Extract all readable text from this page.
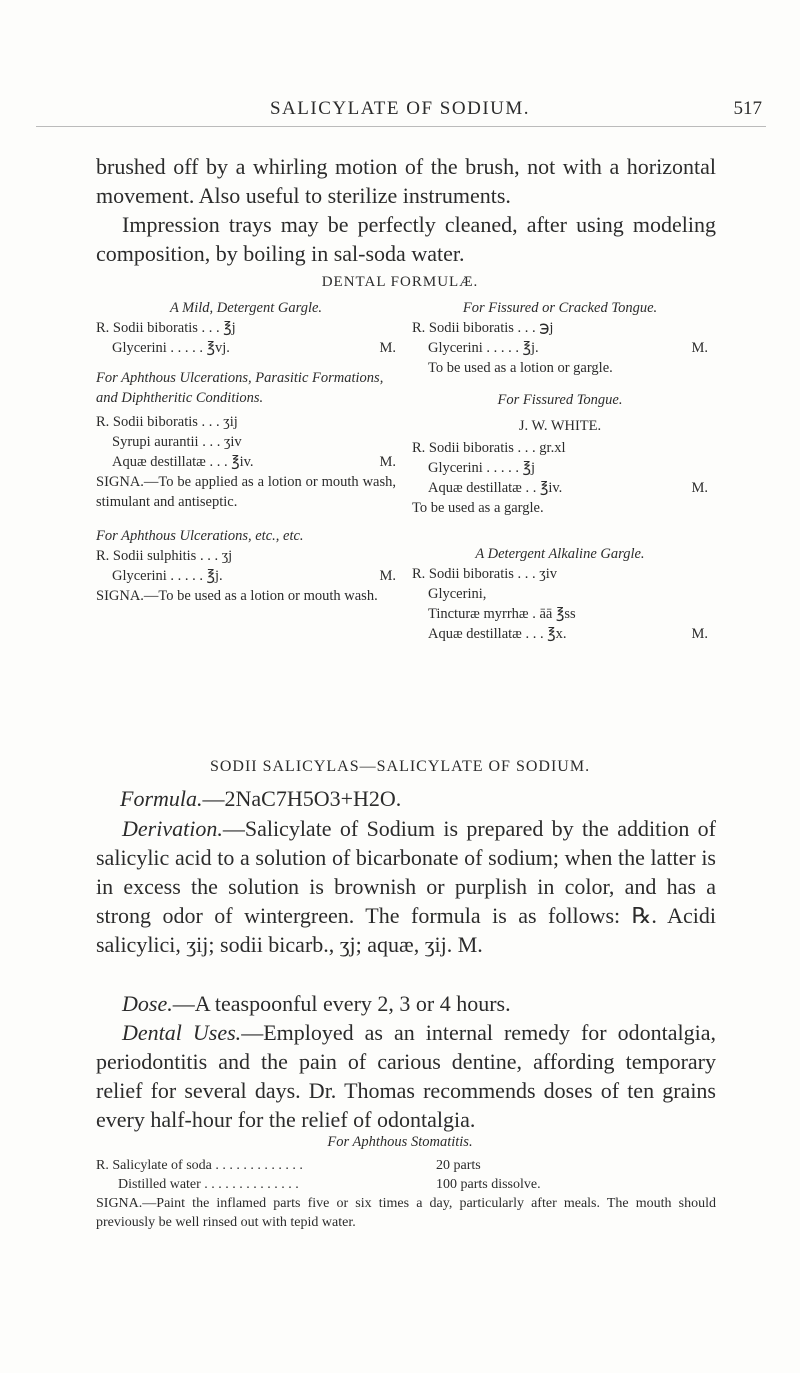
SALICYLATE OF SODIUM.	517
brushed off by a whirling motion of the brush, not with a horizontal movement. Also useful to sterilize instruments.
Impression trays may be perfectly cleaned, after using modeling composition, by boiling in sal-soda water.
DENTAL FORMULÆ.
A Mild, Detergent Gargle.
R. Sodii biboratis . . . ℥j
Glycerini . . . . . ℥vj.	M.
For Aphthous Ulcerations, Parasitic Formations, and Diphtheritic Conditions.
R. Sodii biboratis . . . ʒij
Syrupi aurantii . . . ʒiv
Aquæ destillatæ . . . ℥iv.	M.
SIGNA.—To be applied as a lotion or mouth wash, stimulant and antiseptic.
For Aphthous Ulcerations, etc., etc.
R. Sodii sulphitis . . . ʒj
Glycerini . . . . . ℥j.	M.
SIGNA.—To be used as a lotion or mouth wash.
For Fissured or Cracked Tongue.
R. Sodii biboratis . . . ℈j
Glycerini . . . . . ℥j.	M.
To be used as a lotion or gargle.
For Fissured Tongue.
J. W. WHITE.
R. Sodii biboratis . . . gr.xl
Glycerini . . . . . ℥j
Aquæ destillatæ . . ℥iv.	M.
To be used as a gargle.
A Detergent Alkaline Gargle.
R. Sodii biboratis . . . ʒiv
Glycerini,
Tincturæ myrrhæ . āā ℥ss
Aquæ destillatæ . . . ℥x.	M.
SODII SALICYLAS—SALICYLATE OF SODIUM.
Formula.—2NaC7H5O3+H2O.
Derivation.—Salicylate of Sodium is prepared by the addition of salicylic acid to a solution of bicarbonate of sodium; when the latter is in excess the solution is brownish or purplish in color, and has a strong odor of wintergreen. The formula is as follows: ℞. Acidi salicylici, ʒij; sodii bicarb., ʒj; aquæ, ʒij. M.
Dose.—A teaspoonful every 2, 3 or 4 hours.
Dental Uses.—Employed as an internal remedy for odontalgia, periodontitis and the pain of carious dentine, affording temporary relief for several days. Dr. Thomas recommends doses of ten grains every half-hour for the relief of odontalgia.
For Aphthous Stomatitis.
R. Salicylate of soda . . . . . . . . . . . . .	20 parts
Distilled water . . . . . . . . . . . . . .	100 parts dissolve.
SIGNA.—Paint the inflamed parts five or six times a day, particularly after meals. The mouth should previously be well rinsed out with tepid water.
